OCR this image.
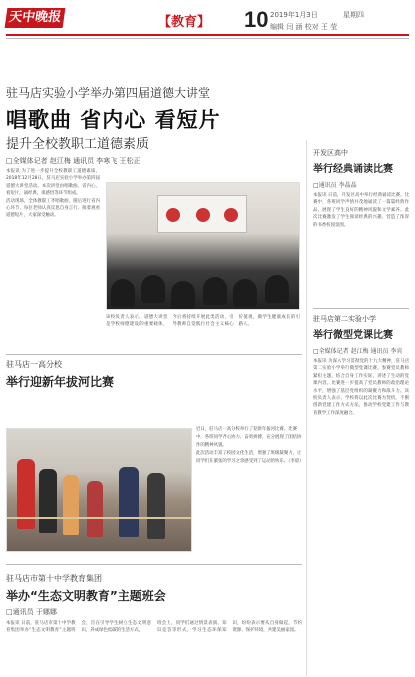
天中晚报	【教育】 10 2019年1月3日	星期四
编辑 闫 涵 校对 王 莹
驻马店实验小学举办第四届道德大讲堂
唱歌曲 省内心 看短片
提升全校教职工道德素质
□全媒体记者 赵江梅 通讯员 李寒飞 王松正

本报讯 为了进一步提升全校教职工道德素质，2018年12月28日，驻马店实验小学举办第四届道德大讲堂活动。本次讲堂由唱歌曲、省内心、看短片、诵经典、谈感悟等环节组成。

活动现场，全体教职工齐唱歌曲，随后进行省内心环节，每位老师认真反思自身言行。接着观看道德短片，大家深受触动。

该校负责人表示，道德大讲堂是学校师德建设的重要载体，今后将持续开展此类活动，引导教师自觉践行社会主义核心价值观，做学生健康成长的引路人。

驻马店一高分校
举行迎新年拔河比赛

近日，驻马店一高分校举行了迎新年拔河比赛。比赛中，各班同学齐心协力、奋勇拼搏，充分展现了团结协作的精神风貌。

此次活动丰富了校园文化生活，增强了班级凝聚力，让同学们在紧张的学习之余感受到了运动的快乐。（李晨）

驻马店市第十中学教育集团
举办“生态文明教育”主题班会
□通讯员 于娜娜

本报讯 日前，驻马店市第十中学教育集团举办“生态文明教育”主题班会，旨在引导学生树立生态文明意识，养成绿色低碳的生活方式。

班会上，同学们通过情景表演、知识竞答等形式，学习生态环保知识，纷纷表示要从自身做起，节约资源、保护环境，共建美丽家园。

开发区高中
举行经典诵读比赛
□通讯员 李晶晶
本报讯 日前，开发区高中举行经典诵读比赛。比赛中，各班同学声情并茂地诵读了一篇篇经典作品，展现了学生良好的精神风貌和文学素养。此次比赛激发了学生阅读经典的兴趣，营造了浓厚的书香校园氛围。
驻马店第二实验小学
举行微型党课比赛
□全媒体记者 赵江梅 通讯员 李宾
本报讯 为深入学习贯彻党的十九大精神，驻马店第二实验小学举行微型党课比赛。参赛党员教师紧扣主题，结合自身工作实际，讲述了生动的党课内容。比赛进一步提高了党员教师的政治理论水平，增强了基层党组织的凝聚力和战斗力。该校负责人表示，学校将以此次比赛为契机，不断创新党建工作方式方法，推动学校党建工作与教育教学工作深度融合。
